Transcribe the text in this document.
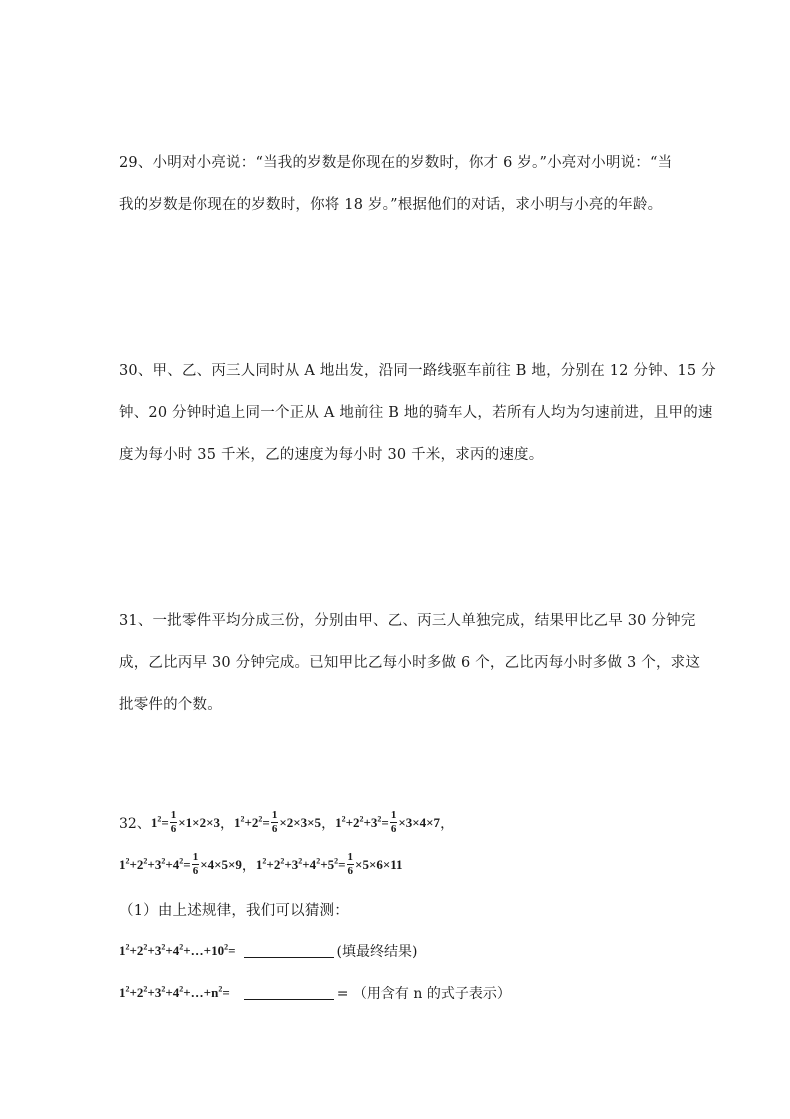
29、小明对小亮说：“当我的岁数是你现在的岁数时，你才 6 岁。”小亮对小明说：“当
我的岁数是你现在的岁数时，你将 18 岁。”根据他们的对话，求小明与小亮的年龄。
30、甲、乙、丙三人同时从 A 地出发，沿同一路线驱车前往 B 地，分别在 12 分钟、15 分
钟、20 分钟时追上同一个正从 A 地前往 B 地的骑车人，若所有人均为匀速前进，且甲的速
度为每小时 35 千米，乙的速度为每小时 30 千米，求丙的速度。
31、一批零件平均分成三份，分别由甲、乙、丙三人单独完成，结果甲比乙早 30 分钟完
成，乙比丙早 30 分钟完成。已知甲比乙每小时多做 6 个，乙比丙每小时多做 3 个，求这
批零件的个数。
32、 $1^2= \frac{1}{6} \times 1\times 2\times 3$ ， $1^2+2^2= \frac{1}{6} \times 2\times 3\times 5$ ， $1^2+2^2+3^2= \frac{1}{6} \times 3\times 4\times 7$ ，
$1^2+2^2+3^2+4^2= \frac{1}{6} \times 4\times 5\times 9$ ， $1^2+2^2+3^2+4^2+5^2= \frac{1}{6} \times 5\times 6\times 11$
（1）由上述规律，我们可以猜测：
$1^2+2^2+3^2+4^2+\dots+10^2=$	(填最终结果)
$1^2+2^2+3^2+4^2+\dots+n^2=$	= （用含有 n 的式子表示）
